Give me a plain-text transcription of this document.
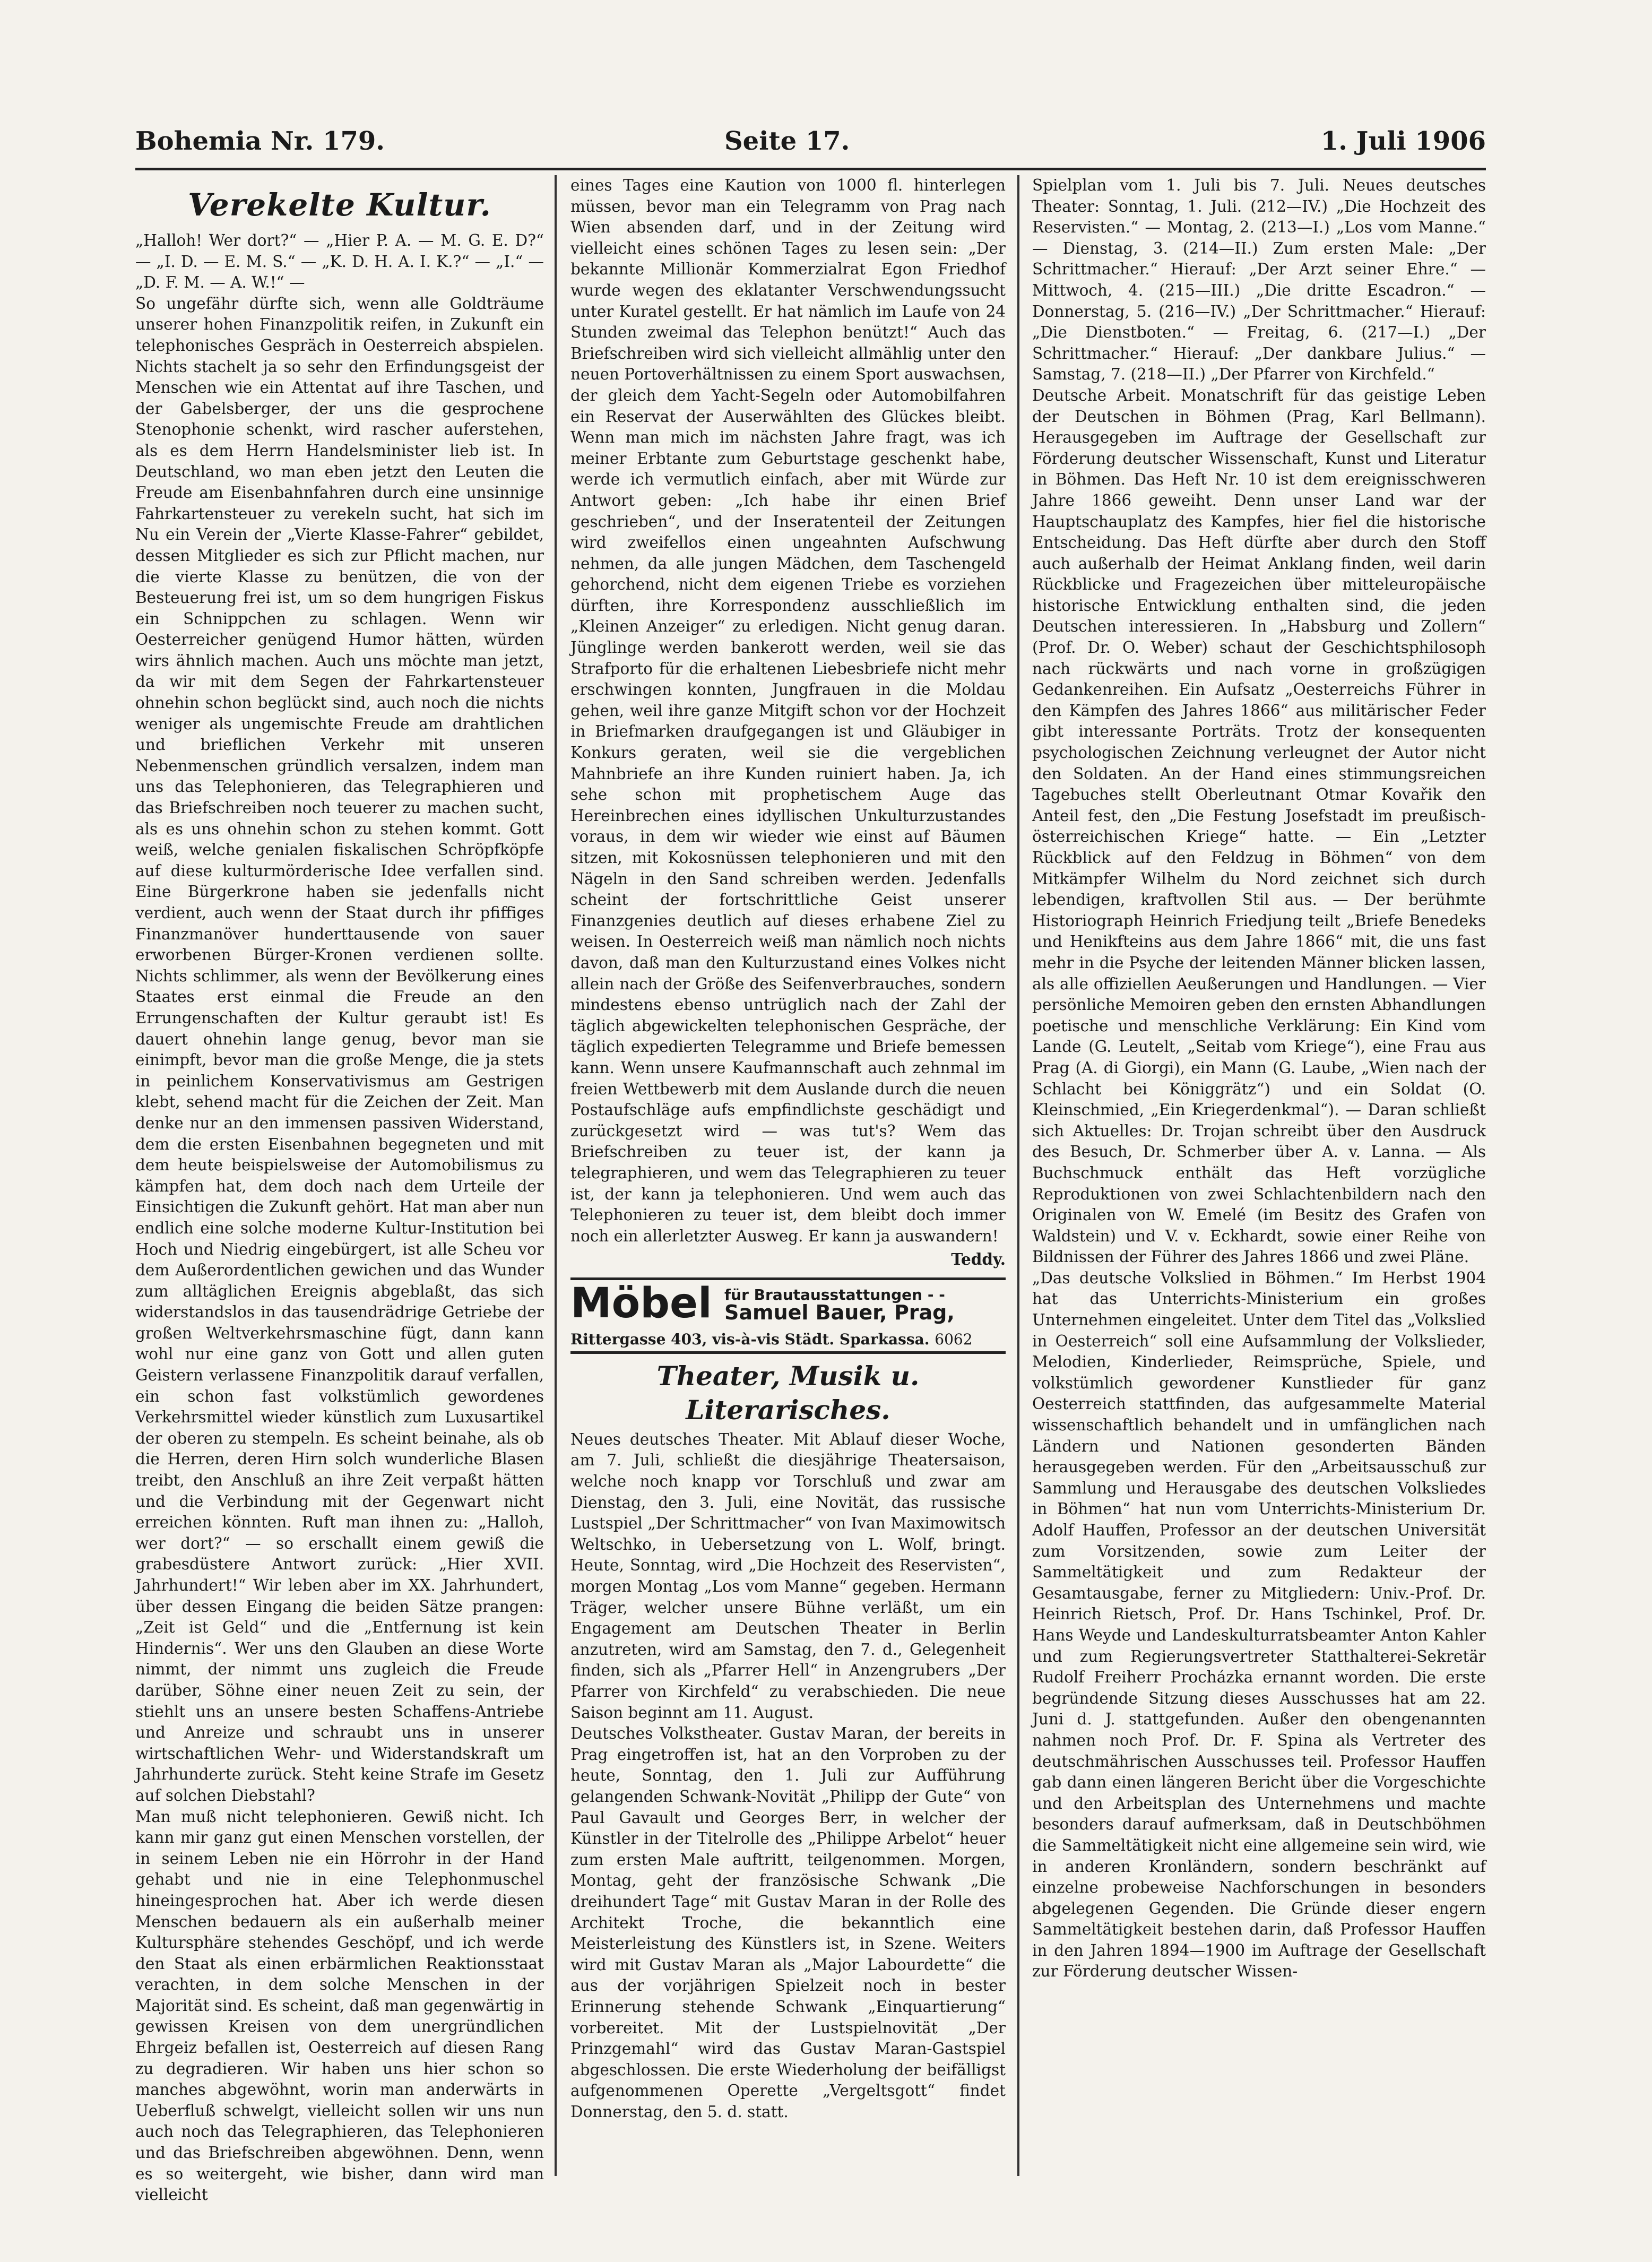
Bohemia Nr. 179.	Seite 17.	1. Juli 1906
Verekelte Kultur.

„Halloh! Wer dort?“ — „Hier P. A. — M. G. E. D?“ — „I. D. — E. M. S.“ — „K. D. H. A. I. K.?“ — „I.“ — „D. F. M. — A. W.!“ —

So ungefähr dürfte sich, wenn alle Goldträume unserer hohen Finanzpolitik reifen, in Zukunft ein telephonisches Gespräch in Oesterreich abspielen. Nichts stachelt ja so sehr den Erfindungsgeist der Menschen wie ein Attentat auf ihre Taschen, und der Gabelsberger, der uns die gesprochene Stenophonie schenkt, wird rascher auferstehen, als es dem Herrn Handelsminister lieb ist. In Deutschland, wo man eben jetzt den Leuten die Freude am Eisenbahnfahren durch eine unsinnige Fahrkartensteuer zu verekeln sucht, hat sich im Nu ein Verein der „Vierte Klasse-Fahrer“ gebildet, dessen Mitglieder es sich zur Pflicht machen, nur die vierte Klasse zu benützen, die von der Besteuerung frei ist, um so dem hungrigen Fiskus ein Schnippchen zu schlagen. Wenn wir Oesterreicher genügend Humor hätten, würden wirs ähnlich machen. Auch uns möchte man jetzt, da wir mit dem Segen der Fahrkartensteuer ohnehin schon beglückt sind, auch noch die nichts weniger als ungemischte Freude am drahtlichen und brieflichen Verkehr mit unseren Nebenmenschen gründlich versalzen, indem man uns das Telephonieren, das Telegraphieren und das Briefschreiben noch teuerer zu machen sucht, als es uns ohnehin schon zu stehen kommt. Gott weiß, welche genialen fiskalischen Schröpfköpfe auf diese kulturmörderische Idee verfallen sind. Eine Bürgerkrone haben sie jedenfalls nicht verdient, auch wenn der Staat durch ihr pfiffiges Finanzmanöver hunderttausende von sauer erworbenen Bürger-Kronen verdienen sollte. Nichts schlimmer, als wenn der Bevölkerung eines Staates erst einmal die Freude an den Errungenschaften der Kultur geraubt ist! Es dauert ohnehin lange genug, bevor man sie einimpft, bevor man die große Menge, die ja stets in peinlichem Konservativismus am Gestrigen klebt, sehend macht für die Zeichen der Zeit. Man denke nur an den immensen passiven Widerstand, dem die ersten Eisenbahnen begegneten und mit dem heute beispielsweise der Automobilismus zu kämpfen hat, dem doch nach dem Urteile der Einsichtigen die Zukunft gehört. Hat man aber nun endlich eine solche moderne Kultur-Institution bei Hoch und Niedrig eingebürgert, ist alle Scheu vor dem Außerordentlichen gewichen und das Wunder zum alltäglichen Ereignis abgeblaßt, das sich widerstandslos in das tausendrädrige Getriebe der großen Weltverkehrsmaschine fügt, dann kann wohl nur eine ganz von Gott und allen guten Geistern verlassene Finanzpolitik darauf verfallen, ein schon fast volkstümlich gewordenes Verkehrsmittel wieder künstlich zum Luxusartikel der oberen zu stempeln. Es scheint beinahe, als ob die Herren, deren Hirn solch wunderliche Blasen treibt, den Anschluß an ihre Zeit verpaßt hätten und die Verbindung mit der Gegenwart nicht erreichen könnten. Ruft man ihnen zu: „Halloh, wer dort?“ — so erschallt einem gewiß die grabesdüstere Antwort zurück: „Hier XVII. Jahrhundert!“ Wir leben aber im XX. Jahrhundert, über dessen Eingang die beiden Sätze prangen: „Zeit ist Geld“ und die „Entfernung ist kein Hindernis“. Wer uns den Glauben an diese Worte nimmt, der nimmt uns zugleich die Freude darüber, Söhne einer neuen Zeit zu sein, der stiehlt uns an unsere besten Schaffens-Antriebe und Anreize und schraubt uns in unserer wirtschaftlichen Wehr- und Widerstandskraft um Jahrhunderte zurück. Steht keine Strafe im Gesetz auf solchen Diebstahl?

Man muß nicht telephonieren. Gewiß nicht. Ich kann mir ganz gut einen Menschen vorstellen, der in seinem Leben nie ein Hörrohr in der Hand gehabt und nie in eine Telephonmuschel hineingesprochen hat. Aber ich werde diesen Menschen bedauern als ein außerhalb meiner Kultursphäre stehendes Geschöpf, und ich werde den Staat als einen erbärmlichen Reaktionsstaat verachten, in dem solche Menschen in der Majorität sind. Es scheint, daß man gegenwärtig in gewissen Kreisen von dem unergründlichen Ehrgeiz befallen ist, Oesterreich auf diesen Rang zu degradieren. Wir haben uns hier schon so manches abgewöhnt, worin man anderwärts in Ueberfluß schwelgt, vielleicht sollen wir uns nun auch noch das Telegraphieren, das Telephonieren und das Briefschreiben abgewöhnen. Denn, wenn es so weitergeht, wie bisher, dann wird man vielleicht

eines Tages eine Kaution von 1000 fl. hinterlegen müssen, bevor man ein Telegramm von Prag nach Wien absenden darf, und in der Zeitung wird vielleicht eines schönen Tages zu lesen sein: „Der bekannte Millionär Kommerzialrat Egon Friedhof wurde wegen des eklatanter Verschwendungssucht unter Kuratel gestellt. Er hat nämlich im Laufe von 24 Stunden zweimal das Telephon benützt!“ Auch das Briefschreiben wird sich vielleicht allmählig unter den neuen Portoverhältnissen zu einem Sport auswachsen, der gleich dem Yacht-Segeln oder Automobilfahren ein Reservat der Auserwählten des Glückes bleibt. Wenn man mich im nächsten Jahre fragt, was ich meiner Erbtante zum Geburtstage geschenkt habe, werde ich vermutlich einfach, aber mit Würde zur Antwort geben: „Ich habe ihr einen Brief geschrieben“, und der Inseratenteil der Zeitungen wird zweifellos einen ungeahnten Aufschwung nehmen, da alle jungen Mädchen, dem Taschengeld gehorchend, nicht dem eigenen Triebe es vorziehen dürften, ihre Korrespondenz ausschließlich im „Kleinen Anzeiger“ zu erledigen. Nicht genug daran. Jünglinge werden bankerott werden, weil sie das Strafporto für die erhaltenen Liebesbriefe nicht mehr erschwingen konnten, Jungfrauen in die Moldau gehen, weil ihre ganze Mitgift schon vor der Hochzeit in Briefmarken draufgegangen ist und Gläubiger in Konkurs geraten, weil sie die vergeblichen Mahnbriefe an ihre Kunden ruiniert haben. Ja, ich sehe schon mit prophetischem Auge das Hereinbrechen eines idyllischen Unkulturzustandes voraus, in dem wir wieder wie einst auf Bäumen sitzen, mit Kokosnüssen telephonieren und mit den Nägeln in den Sand schreiben werden. Jedenfalls scheint der fortschrittliche Geist unserer Finanzgenies deutlich auf dieses erhabene Ziel zu weisen. In Oesterreich weiß man nämlich noch nichts davon, daß man den Kulturzustand eines Volkes nicht allein nach der Größe des Seifenverbrauches, sondern mindestens ebenso untrüglich nach der Zahl der täglich abgewickelten telephonischen Gespräche, der täglich expedierten Telegramme und Briefe bemessen kann. Wenn unsere Kaufmannschaft auch zehnmal im freien Wettbewerb mit dem Auslande durch die neuen Postaufschläge aufs empfindlichste geschädigt und zurückgesetzt wird — was tut's? Wem das Briefschreiben zu teuer ist, der kann ja telegraphieren, und wem das Telegraphieren zu teuer ist, der kann ja telephonieren. Und wem auch das Telephonieren zu teuer ist, dem bleibt doch immer noch ein allerletzter Ausweg. Er kann ja auswandern!

Teddy.
Möbel für Brautausstattungen - -
Samuel Bauer, Prag,
Rittergasse 403, vis-à-vis Städt. Sparkassa. 6062
Theater, Musik u. Literarisches.

Neues deutsches Theater. Mit Ablauf dieser Woche, am 7. Juli, schließt die diesjährige Theatersaison, welche noch knapp vor Torschluß und zwar am Dienstag, den 3. Juli, eine Novität, das russische Lustspiel „Der Schrittmacher“ von Ivan Maximowitsch Weltschko, in Uebersetzung von L. Wolf, bringt. Heute, Sonntag, wird „Die Hochzeit des Reservisten“, morgen Montag „Los vom Manne“ gegeben. Hermann Träger, welcher unsere Bühne verläßt, um ein Engagement am Deutschen Theater in Berlin anzutreten, wird am Samstag, den 7. d., Gelegenheit finden, sich als „Pfarrer Hell“ in Anzengrubers „Der Pfarrer von Kirchfeld“ zu verabschieden. Die neue Saison beginnt am 11. August.

Deutsches Volkstheater. Gustav Maran, der bereits in Prag eingetroffen ist, hat an den Vorproben zu der heute, Sonntag, den 1. Juli zur Aufführung gelangenden Schwank-Novität „Philipp der Gute“ von Paul Gavault und Georges Berr, in welcher der Künstler in der Titelrolle des „Philippe Arbelot“ heuer zum ersten Male auftritt, teilgenommen. Morgen, Montag, geht der französische Schwank „Die dreihundert Tage“ mit Gustav Maran in der Rolle des Architekt Troche, die bekanntlich eine Meisterleistung des Künstlers ist, in Szene. Weiters wird mit Gustav Maran als „Major Labourdette“ die aus der vorjährigen Spielzeit noch in bester Erinnerung stehende Schwank „Einquartierung“ vorbereitet. Mit der Lustspielnovität „Der Prinzgemahl“ wird das Gustav Maran-Gastspiel abgeschlossen. Die erste Wiederholung der beifälligst aufgenommenen Operette „Vergeltsgott“ findet Donnerstag, den 5. d. statt.

Spielplan vom 1. Juli bis 7. Juli. Neues deutsches Theater: Sonntag, 1. Juli. (212—IV.) „Die Hochzeit des Reservisten.“ — Montag, 2. (213—I.) „Los vom Manne.“ — Dienstag, 3. (214—II.) Zum ersten Male: „Der Schrittmacher.“ Hierauf: „Der Arzt seiner Ehre.“ — Mittwoch, 4. (215—III.) „Die dritte Escadron.“ — Donnerstag, 5. (216—IV.) „Der Schrittmacher.“ Hierauf: „Die Dienstboten.“ — Freitag, 6. (217—I.) „Der Schrittmacher.“ Hierauf: „Der dankbare Julius.“ — Samstag, 7. (218—II.) „Der Pfarrer von Kirchfeld.“

Deutsche Arbeit. Monatschrift für das geistige Leben der Deutschen in Böhmen (Prag, Karl Bellmann). Herausgegeben im Auftrage der Gesellschaft zur Förderung deutscher Wissenschaft, Kunst und Literatur in Böhmen. Das Heft Nr. 10 ist dem ereignisschweren Jahre 1866 geweiht. Denn unser Land war der Hauptschauplatz des Kampfes, hier fiel die historische Entscheidung. Das Heft dürfte aber durch den Stoff auch außerhalb der Heimat Anklang finden, weil darin Rückblicke und Fragezeichen über mitteleuropäische historische Entwicklung enthalten sind, die jeden Deutschen interessieren. In „Habsburg und Zollern“ (Prof. Dr. O. Weber) schaut der Geschichtsphilosoph nach rückwärts und nach vorne in großzügigen Gedankenreihen. Ein Aufsatz „Oesterreichs Führer in den Kämpfen des Jahres 1866“ aus militärischer Feder gibt interessante Porträts. Trotz der konsequenten psychologischen Zeichnung verleugnet der Autor nicht den Soldaten. An der Hand eines stimmungsreichen Tagebuches stellt Oberleutnant Otmar Kovařik den Anteil fest, den „Die Festung Josefstadt im preußisch-österreichischen Kriege“ hatte. — Ein „Letzter Rückblick auf den Feldzug in Böhmen“ von dem Mitkämpfer Wilhelm du Nord zeichnet sich durch lebendigen, kraftvollen Stil aus. — Der berühmte Historiograph Heinrich Friedjung teilt „Briefe Benedeks und Henikfteins aus dem Jahre 1866“ mit, die uns fast mehr in die Psyche der leitenden Männer blicken lassen, als alle offiziellen Aeußerungen und Handlungen. — Vier persönliche Memoiren geben den ernsten Abhandlungen poetische und menschliche Verklärung: Ein Kind vom Lande (G. Leutelt, „Seitab vom Kriege“), eine Frau aus Prag (A. di Giorgi), ein Mann (G. Laube, „Wien nach der Schlacht bei Königgrätz“) und ein Soldat (O. Kleinschmied, „Ein Kriegerdenkmal“). — Daran schließt sich Aktuelles: Dr. Trojan schreibt über den Ausdruck des Besuch, Dr. Schmerber über A. v. Lanna. — Als Buchschmuck enthält das Heft vorzügliche Reproduktionen von zwei Schlachtenbildern nach den Originalen von W. Emelé (im Besitz des Grafen von Waldstein) und V. v. Eckhardt, sowie einer Reihe von Bildnissen der Führer des Jahres 1866 und zwei Pläne.

„Das deutsche Volkslied in Böhmen.“ Im Herbst 1904 hat das Unterrichts-Ministerium ein großes Unternehmen eingeleitet. Unter dem Titel das „Volkslied in Oesterreich“ soll eine Aufsammlung der Volkslieder, Melodien, Kinderlieder, Reimsprüche, Spiele, und volkstümlich gewordener Kunstlieder für ganz Oesterreich stattfinden, das aufgesammelte Material wissenschaftlich behandelt und in umfänglichen nach Ländern und Nationen gesonderten Bänden herausgegeben werden. Für den „Arbeitsausschuß zur Sammlung und Herausgabe des deutschen Volksliedes in Böhmen“ hat nun vom Unterrichts-Ministerium Dr. Adolf Hauffen, Professor an der deutschen Universität zum Vorsitzenden, sowie zum Leiter der Sammeltätigkeit und zum Redakteur der Gesamtausgabe, ferner zu Mitgliedern: Univ.-Prof. Dr. Heinrich Rietsch, Prof. Dr. Hans Tschinkel, Prof. Dr. Hans Weyde und Landeskulturratsbeamter Anton Kahler und zum Regierungsvertreter Statthalterei-Sekretär Rudolf Freiherr Procházka ernannt worden. Die erste begründende Sitzung dieses Ausschusses hat am 22. Juni d. J. stattgefunden. Außer den obengenannten nahmen noch Prof. Dr. F. Spina als Vertreter des deutschmährischen Ausschusses teil. Professor Hauffen gab dann einen längeren Bericht über die Vorgeschichte und den Arbeitsplan des Unternehmens und machte besonders darauf aufmerksam, daß in Deutschböhmen die Sammeltätigkeit nicht eine allgemeine sein wird, wie in anderen Kronländern, sondern beschränkt auf einzelne probeweise Nachforschungen in besonders abgelegenen Gegenden. Die Gründe dieser engern Sammeltätigkeit bestehen darin, daß Professor Hauffen in den Jahren 1894—1900 im Auftrage der Gesellschaft zur Förderung deutscher Wissen-
